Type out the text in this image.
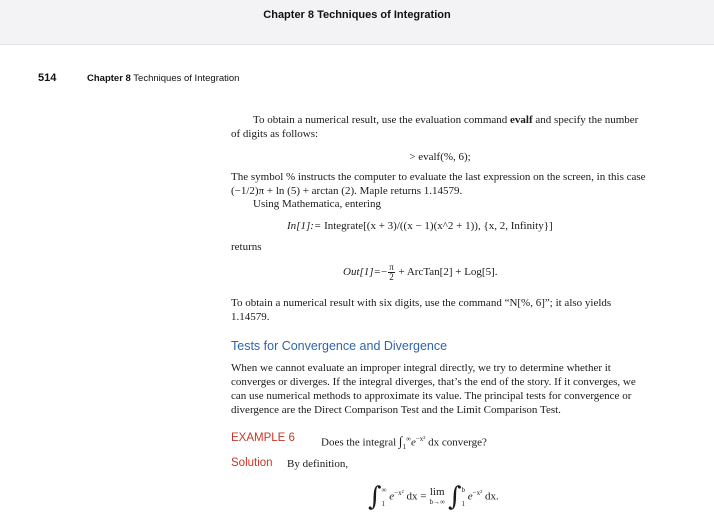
Chapter 8 Techniques of Integration
514	Chapter 8 Techniques of Integration
To obtain a numerical result, use the evaluation command evalf and specify the number of digits as follows:
> evalf(%, 6);
The symbol % instructs the computer to evaluate the last expression on the screen, in this case (−1/2)π + ln (5) + arctan (2). Maple returns 1.14579.
Using Mathematica, entering
In[1]:= Integrate[(x + 3)/((x − 1)(x^2 + 1)), {x, 2, Infinity}]
returns
$Out[1]=- \frac{\pi}{2}$ + ArcTan[2] + Log[5].
To obtain a numerical result with six digits, use the command “N[%, 6]”; it also yields 1.14579.
Tests for Convergence and Divergence
When we cannot evaluate an improper integral directly, we try to determine whether it converges or diverges. If the integral diverges, that’s the end of the story. If it converges, we can use numerical methods to approximate its value. The principal tests for convergence or divergence are the Direct Comparison Test and the Limit Comparison Test.
EXAMPLE 6 Does the integral $\int_1^\infty e^{-x^2}$ dx converge?
Solution By definition,
∫ ∞
1
$e^{-x^2}$ dx = lim
b→∞ ∫ b
1
$e^{-x^2}$ dx.
